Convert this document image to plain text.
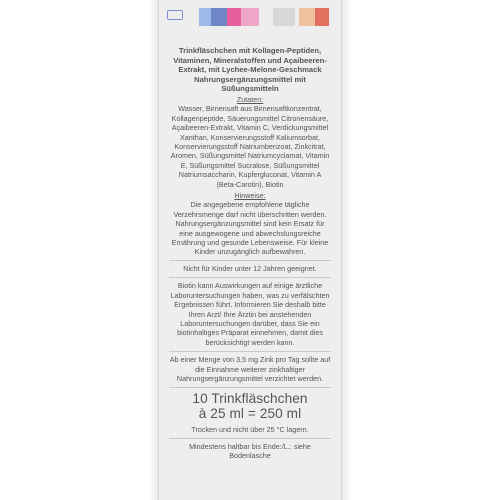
Trinkfläschchen mit Kollagen-Peptiden, Vitaminen, Mineralstoffen und Açaibeeren-Extrakt, mit Lychee-Melone-Geschmack
Nahrungsergänzungsmittel mit Süßungsmitteln
Zutaten:
Wasser, Birnensaft aus Birnensaftkonzentrat, Kollagenpeptide, Säuerungsmittel Citronensäure, Açaibeeren-Extrakt, Vitamin C, Verdickungsmittel Xanthan, Konservierungsstoff Kaliumsorbat, Konservierungsstoff Natriumbenzoat, Zinkcitrat, Aromen, Süßungsmittel Natriumcyclamat, Vitamin E, Süßungsmittel Sucralose, Süßungsmittel Natriumsaccharin, Kupfergluconat, Vitamin A (Beta-Carotin), Biotin
Hinweise:
Die angegebene empfohlene tägliche Verzehrsmenge darf nicht überschritten werden. Nahrungsergänzungsmittel sind kein Ersatz für eine ausgewogene und abwechslungsreiche Ernährung und gesunde Lebensweise. Für kleine Kinder unzugänglich aufbewahren.
Nicht für Kinder unter 12 Jahren geeignet.
Biotin kann Auswirkungen auf einige ärztliche Laboruntersuchungen haben, was zu verfälschten Ergebnissen führt. Informieren Sie deshalb bitte Ihren Arzt/ Ihre Ärztin bei anstehenden Laboruntersuchungen darüber, dass Sie ein biotinhaltiges Präparat einnehmen, damit dies berücksichtigt werden kann.
Ab einer Menge von 3,5 mg Zink pro Tag sollte auf die Einnahme weiterer zinkhaltiger Nahrungsergänzungsmittel verzichtet werden.
10 Trinkfläschchen
à 25 ml = 250 ml
Trocken und nicht über 25 °C lagern.
Mindestens haltbar bis Ende:/L.: siehe Bodenlasche
